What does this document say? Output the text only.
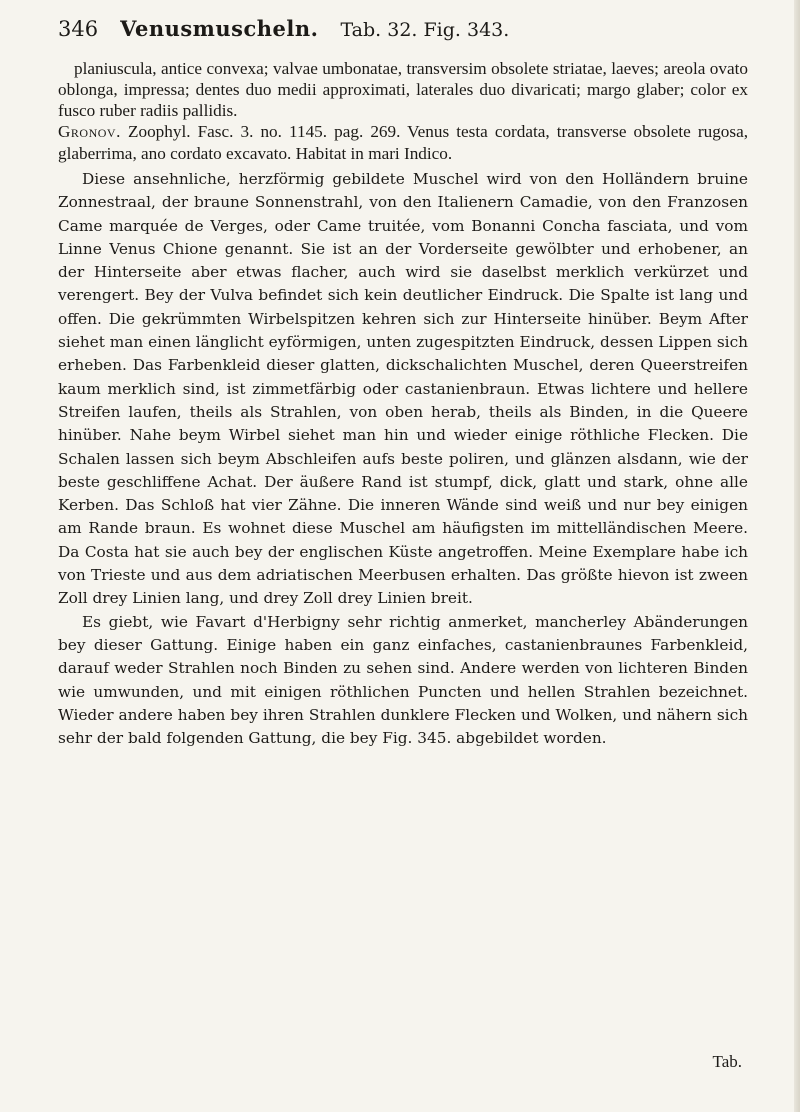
346 Venusmuscheln. Tab. 32. Fig. 343.
planiusculа, antice convexa; valvae umbonatae, transversim obsolete striatae, laeves; areola ovato oblonga, impressa; dentes duo medii approximati, laterales duo divaricati; margo glaber; color ex fusco ruber radiis pallidis.
Gronov. Zoophyl. Fasc. 3. no. 1145. pag. 269. Venus testa cordata, transverse obsolete rugosa, glaberrima, ano cordato excavato. Habitat in mari Indico.
Diese ansehnliche, herzförmig gebildete Muschel wird von den Holländern bruine Zonnestraal, der braune Sonnenstrahl, von den Italienern Camadie, von den Franzosen Came marquée de Verges, oder Came truitée, vom Bonanni Concha fasciata, und vom Linne Venus Chione genannt. Sie ist an der Vorderseite gewölbter und erhobener, an der Hinterseite aber etwas flacher, auch wird sie daselbst merklich verkürzet und verengert. Bey der Vulva befindet sich kein deutlicher Eindruck. Die Spalte ist lang und offen. Die gekrümmten Wirbelspitzen kehren sich zur Hinterseite hinüber. Beym After siehet man einen länglicht eyförmigen, unten zugespitzten Eindruck, dessen Lippen sich erheben. Das Farbenkleid dieser glatten, dickschalichten Muschel, deren Queerstreifen kaum merklich sind, ist zimmetfärbig oder castanienbraun. Etwas lichtere und hellere Streifen laufen, theils als Strahlen, von oben herab, theils als Binden, in die Queere hinüber. Nahe beym Wirbel siehet man hin und wieder einige röthliche Flecken. Die Schalen lassen sich beym Abschleifen aufs beste poliren, und glänzen alsdann, wie der beste geschliffene Achat. Der äußere Rand ist stumpf, dick, glatt und stark, ohne alle Kerben. Das Schloß hat vier Zähne. Die inneren Wände sind weiß und nur bey einigen am Rande braun. Es wohnet diese Muschel am häufigsten im mittelländischen Meere. Da Costa hat sie auch bey der englischen Küste angetroffen. Meine Exemplare habe ich von Trieste und aus dem adriatischen Meerbusen erhalten. Das größte hievon ist zween Zoll drey Linien lang, und drey Zoll drey Linien breit.
Es giebt, wie Favart d'Herbigny sehr richtig anmerket, mancherley Abänderungen bey dieser Gattung. Einige haben ein ganz einfaches, castanienbraunes Farbenkleid, darauf weder Strahlen noch Binden zu sehen sind. Andere werden von lichteren Binden wie umwunden, und mit einigen röthlichen Puncten und hellen Strahlen bezeichnet. Wieder andere haben bey ihren Strahlen dunklere Flecken und Wolken, und nähern sich sehr der bald folgenden Gattung, die bey Fig. 345. abgebildet worden.
Tab.
